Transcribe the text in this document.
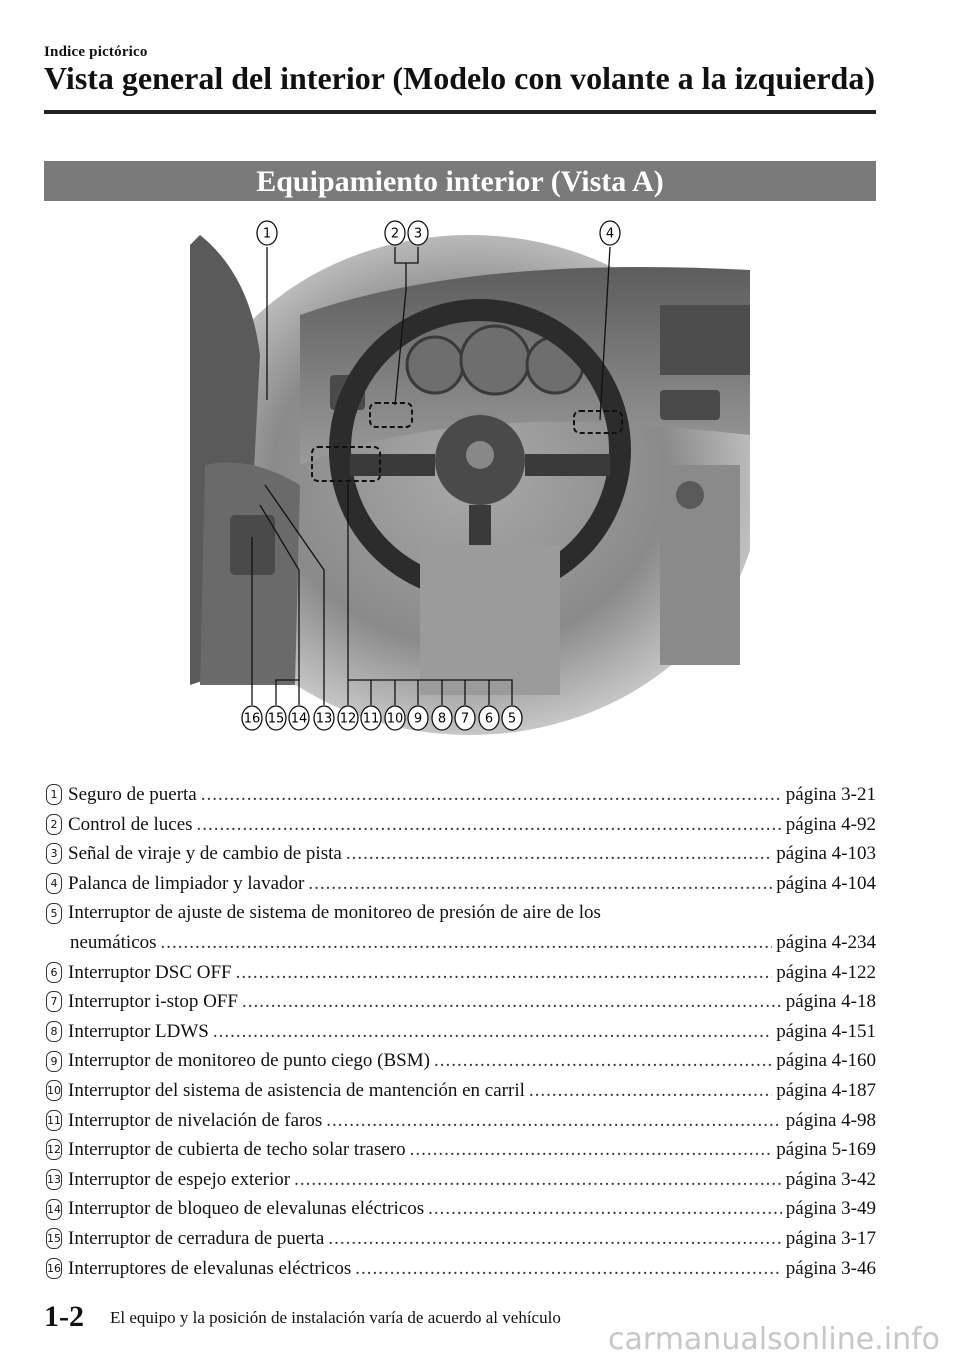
Indice pictórico
Vista general del interior (Modelo con volante a la izquierda)
Equipamiento interior (Vista A)
1	2 3	4
16 15 14 13 12 11 10 9 8 7 6 5
1 Seguro de puerta .....	página 3-21
2 Control de luces .....	página 4-92
3 Señal de viraje y de cambio de pista .....	página 4-103
4 Palanca de limpiador y lavador .....	página 4-104
5 Interruptor de ajuste de sistema de monitoreo de presión de aire de los
neumáticos .....	página 4-234
6 Interruptor DSC OFF .....	página 4-122
7 Interruptor i-stop OFF .....	página 4-18
8 Interruptor LDWS .....	página 4-151
9 Interruptor de monitoreo de punto ciego (BSM) .....	página 4-160
10 Interruptor del sistema de asistencia de mantención en carril .....	página 4-187
11 Interruptor de nivelación de faros .....	página 4-98
12 Interruptor de cubierta de techo solar trasero .....	página 5-169
13 Interruptor de espejo exterior .....	página 3-42
14 Interruptor de bloqueo de elevalunas eléctricos .....	página 3-49
15 Interruptor de cerradura de puerta .....	página 3-17
16 Interruptores de elevalunas eléctricos .....	página 3-46
1-2 El equipo y la posición de instalación varía de acuerdo al vehículo
carmanualsonline.info
